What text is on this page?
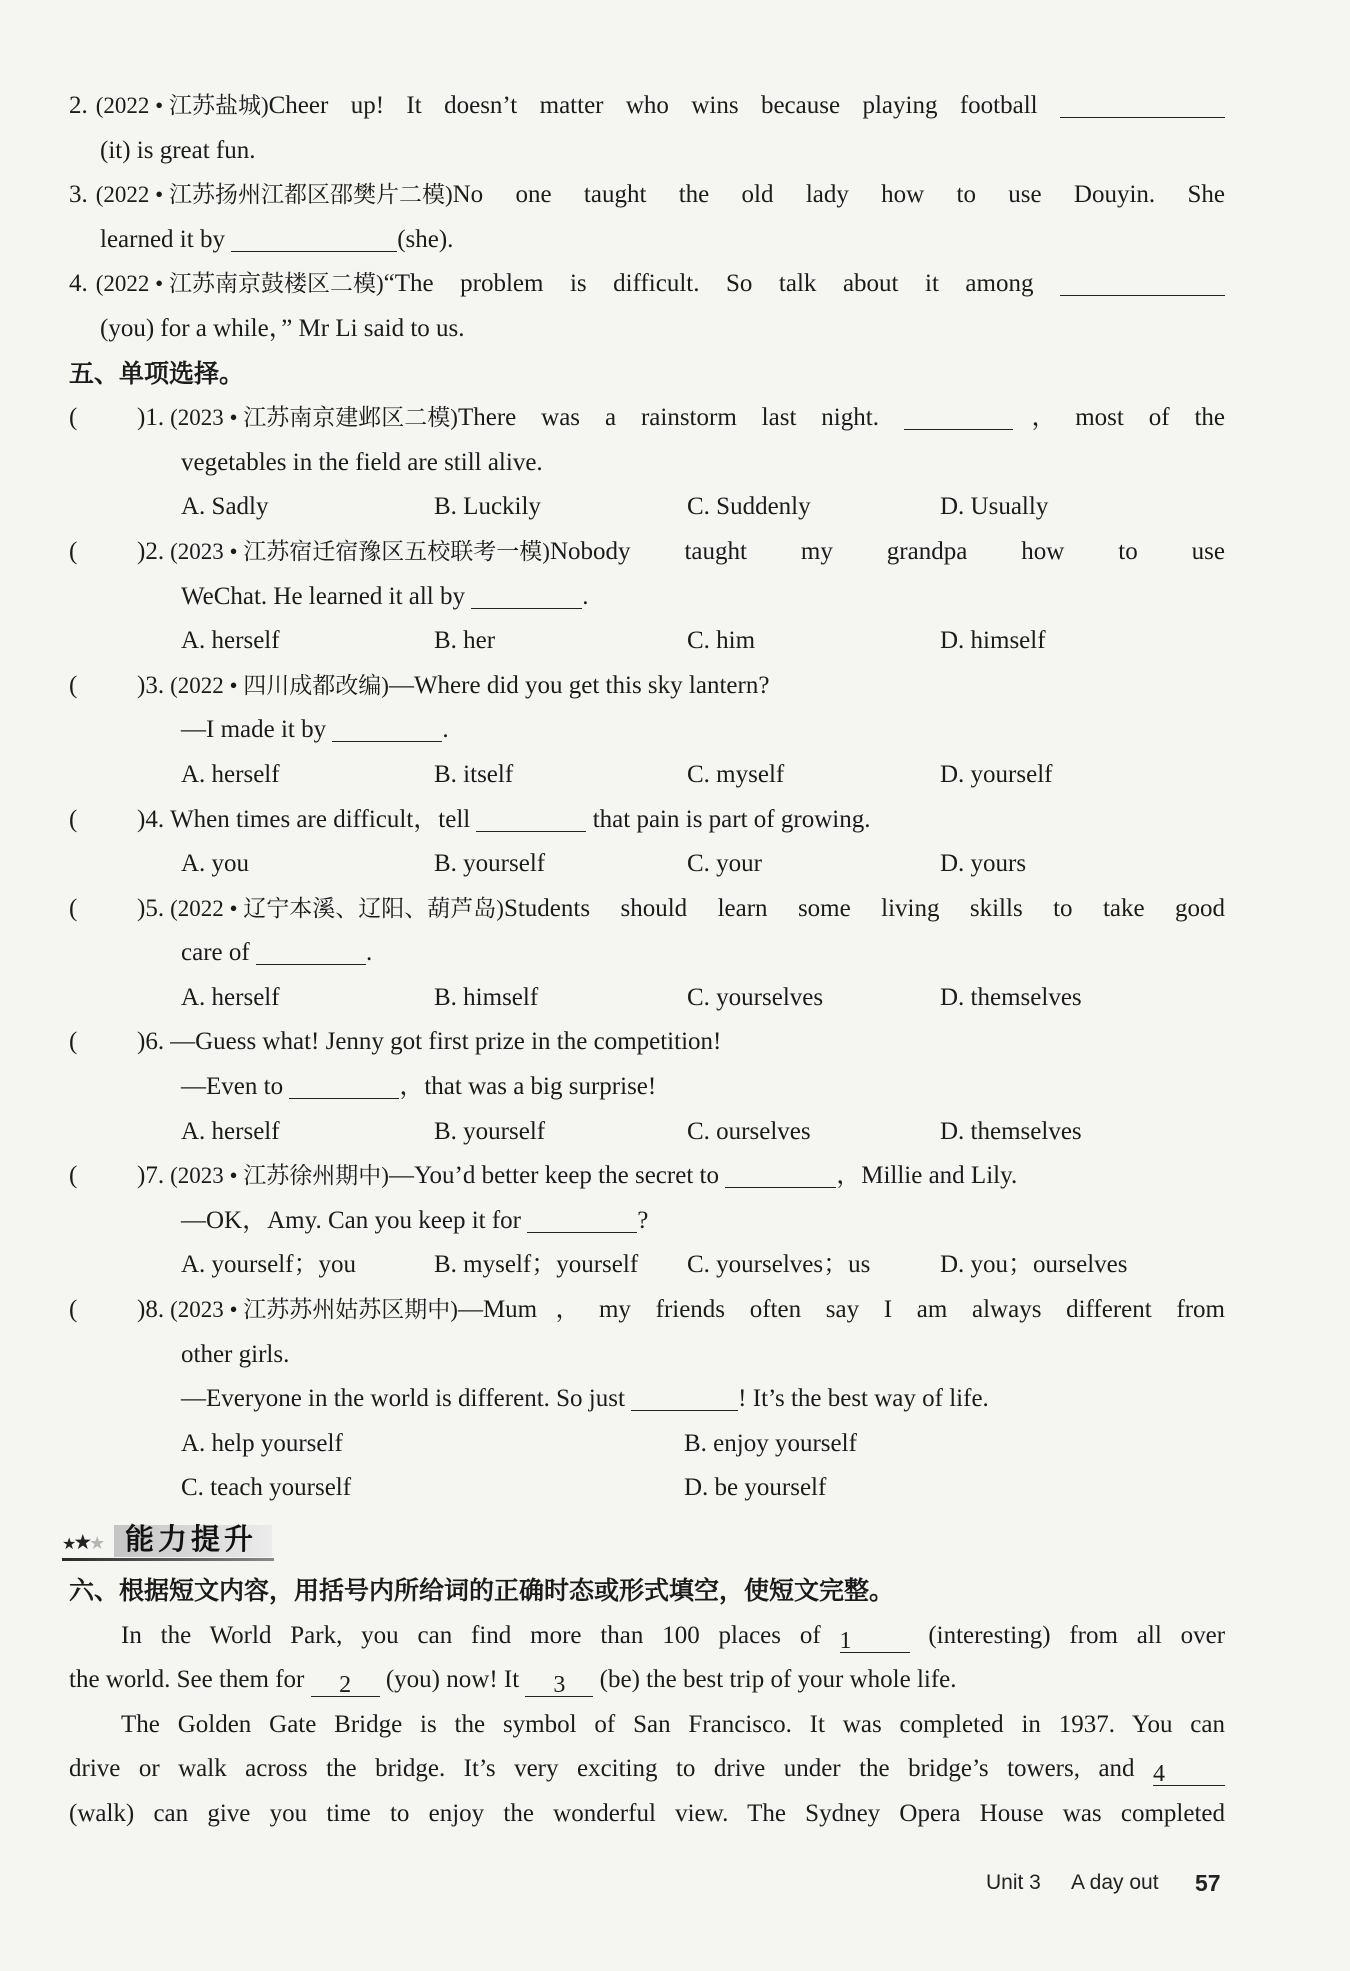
2. (2022 • 江苏盐城)Cheer up! It doesn’t matter who wins because playing football
(it) is great fun.
3. (2022 • 江苏扬州江都区邵樊片二模)No one taught the old lady how to use Douyin. She
learned it by	(she).
4. (2022 • 江苏南京鼓楼区二模)“The problem is difficult. So talk about it among
(you) for a while，” Mr Li said to us.
五、单项选择。
( )1. (2023 • 江苏南京建邺区二模)There was a rainstorm last night.	，most of the
vegetables in the field are still alive.
A. Sadly	B. Luckily	C. Suddenly	D. Usually
( )2. (2023 • 江苏宿迁宿豫区五校联考一模)Nobody taught my grandpa how to use
WeChat. He learned it all by	.
A. herself	B. her	C. him	D. himself
( )3. (2022 • 四川成都改编)—Where did you get this sky lantern?
—I made it by	.
A. herself	B. itself	C. myself	D. yourself
( )4. When times are difficult，tell	that pain is part of growing.
A. you	B. yourself	C. your	D. yours
( )5. (2022 • 辽宁本溪、辽阳、葫芦岛)Students should learn some living skills to take good
care of	.
A. herself	B. himself	C. yourselves	D. themselves
( )6. —Guess what! Jenny got first prize in the competition!
—Even to	，that was a big surprise!
A. herself	B. yourself	C. ourselves	D. themselves
( )7. (2023 • 江苏徐州期中)—You’d better keep the secret to	，Millie and Lily.
—OK，Amy. Can you keep it for	?
A. yourself；you	B. myself；yourself C. yourselves；us	D. you；ourselves
( )8. (2023 • 江苏苏州姑苏区期中)—Mum，my friends often say I am always different from
other girls.
—Everyone in the world is different. So just	! It’s the best way of life.
A. help yourself	B. enjoy yourself
C. teach yourself	D. be yourself
★★★ 能力提升
六、根据短文内容，用括号内所给词的正确时态或形式填空，使短文完整。
In the World Park, you can find more than 100 places of 1	(interesting) from all over
the world. See them for 2 (you) now! It 3 (be) the best trip of your whole life.
The Golden Gate Bridge is the symbol of San Francisco. It was completed in 1937. You can
drive or walk across the bridge. It’s very exciting to drive under the bridge’s towers, and 4
(walk) can give you time to enjoy the wonderful view. The Sydney Opera House was completed
Unit 3 A day out 57
